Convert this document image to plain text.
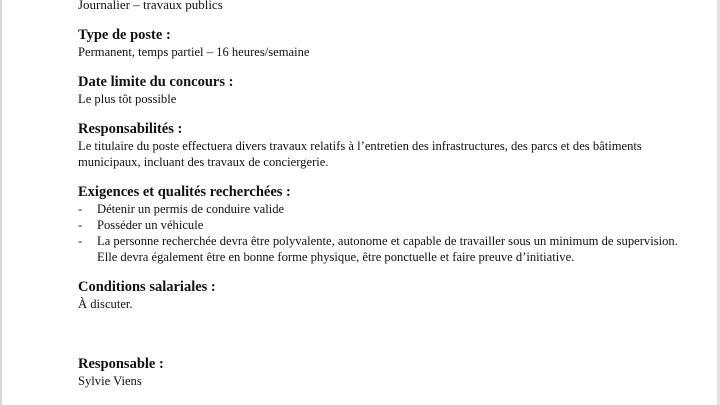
Journalier – travaux publics

Type de poste :

Permanent, temps partiel – 16 heures/semaine

Date limite du concours :

Le plus tôt possible

Responsabilités :

Le titulaire du poste effectuera divers travaux relatifs à l’entretien des infrastructures, des parcs et des bâtiments municipaux, incluant des travaux de conciergerie.

Exigences et qualités recherchées :

- Détenir un permis de conduire valide
- Posséder un véhicule
- La personne recherchée devra être polyvalente, autonome et capable de travailler sous un minimum de supervision. Elle devra également être en bonne forme physique, être ponctuelle et faire preuve d’initiative.

Conditions salariales :

À discuter.

Responsable :

Sylvie Viens
